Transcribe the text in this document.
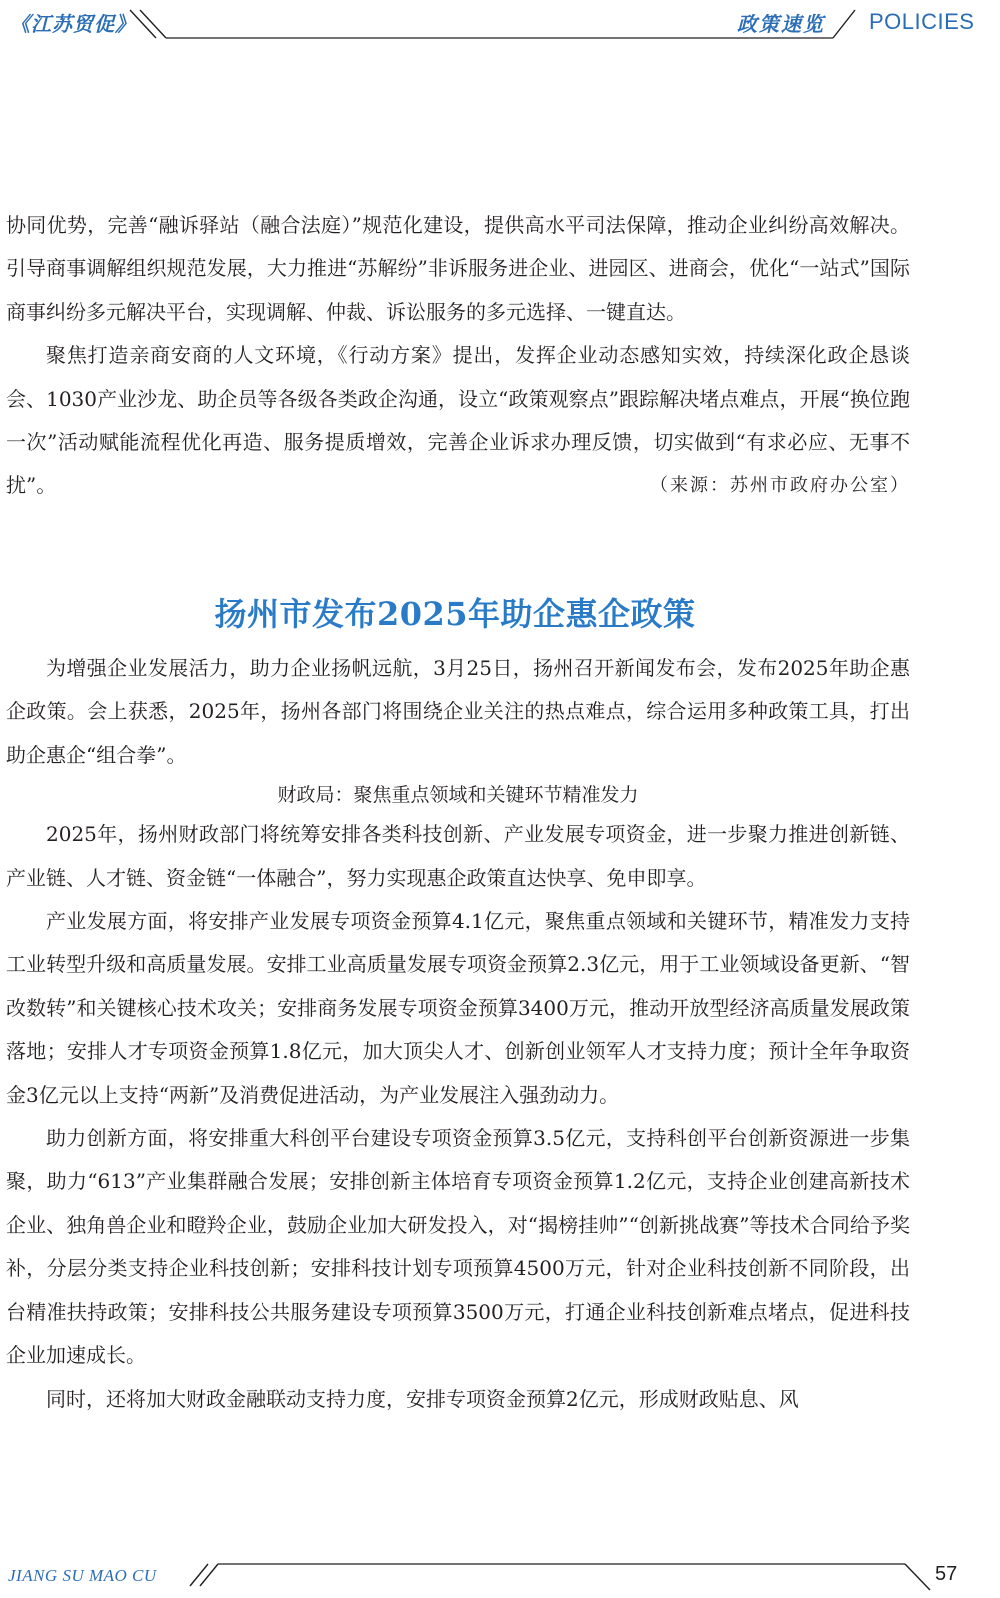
《江苏贸促》	政策速览 POLICIES

协同优势，完善“融诉驿站（融合法庭）”规范化建设，提供高水平司法保障，推动企业纠纷高效解决。引导商事调解组织规范发展，大力推进“苏解纷”非诉服务进企业、进园区、进商会，优化“一站式”国际商事纠纷多元解决平台，实现调解、仲裁、诉讼服务的多元选择、一键直达。

聚焦打造亲商安商的人文环境，《行动方案》提出，发挥企业动态感知实效，持续深化政企恳谈会、1030产业沙龙、助企员等各级各类政企沟通，设立“政策观察点”跟踪解决堵点难点，开展“换位跑一次”活动赋能流程优化再造、服务提质增效，完善企业诉求办理反馈，切实做到“有求必应、无事不扰”。	（来源：苏州市政府办公室）

扬州市发布2025年助企惠企政策

为增强企业发展活力，助力企业扬帆远航，3月25日，扬州召开新闻发布会，发布2025年助企惠企政策。会上获悉，2025年，扬州各部门将围绕企业关注的热点难点，综合运用多种政策工具，打出助企惠企“组合拳”。

财政局：聚焦重点领域和关键环节精准发力

2025年，扬州财政部门将统筹安排各类科技创新、产业发展专项资金，进一步聚力推进创新链、产业链、人才链、资金链“一体融合”，努力实现惠企政策直达快享、免申即享。

产业发展方面，将安排产业发展专项资金预算4.1亿元，聚焦重点领域和关键环节，精准发力支持工业转型升级和高质量发展。安排工业高质量发展专项资金预算2.3亿元，用于工业领域设备更新、“智改数转”和关键核心技术攻关；安排商务发展专项资金预算3400万元，推动开放型经济高质量发展政策落地；安排人才专项资金预算1.8亿元，加大顶尖人才、创新创业领军人才支持力度；预计全年争取资金3亿元以上支持“两新”及消费促进活动，为产业发展注入强劲动力。

助力创新方面，将安排重大科创平台建设专项资金预算3.5亿元，支持科创平台创新资源进一步集聚，助力“613”产业集群融合发展；安排创新主体培育专项资金预算1.2亿元，支持企业创建高新技术企业、独角兽企业和瞪羚企业，鼓励企业加大研发投入，对“揭榜挂帅”“创新挑战赛”等技术合同给予奖补，分层分类支持企业科技创新；安排科技计划专项预算4500万元，针对企业科技创新不同阶段，出台精准扶持政策；安排科技公共服务建设专项预算3500万元，打通企业科技创新难点堵点，促进科技企业加速成长。

同时，还将加大财政金融联动支持力度，安排专项资金预算2亿元，形成财政贴息、风

JIANG SU MAO CU	57
